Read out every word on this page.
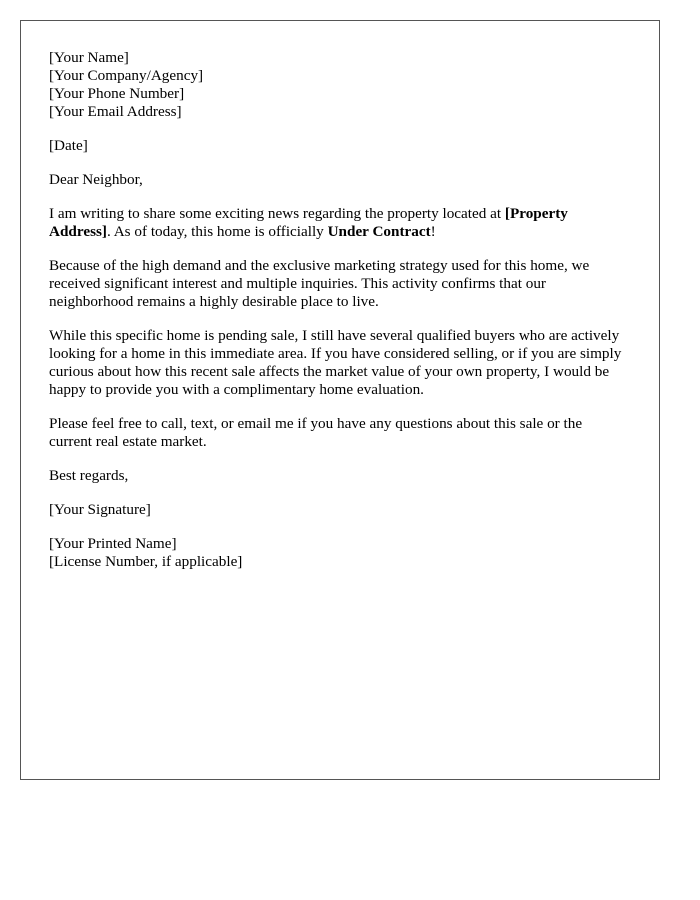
[Your Name]
[Your Company/Agency]
[Your Phone Number]
[Your Email Address]

[Date]

Dear Neighbor,

I am writing to share some exciting news regarding the property located at [Property Address]. As of today, this home is officially Under Contract!

Because of the high demand and the exclusive marketing strategy used for this home, we received significant interest and multiple inquiries. This activity confirms that our neighborhood remains a highly desirable place to live.

While this specific home is pending sale, I still have several qualified buyers who are actively looking for a home in this immediate area. If you have considered selling, or if you are simply curious about how this recent sale affects the market value of your own property, I would be happy to provide you with a complimentary home evaluation.

Please feel free to call, text, or email me if you have any questions about this sale or the current real estate market.

Best regards,

[Your Signature]

[Your Printed Name]
[License Number, if applicable]
